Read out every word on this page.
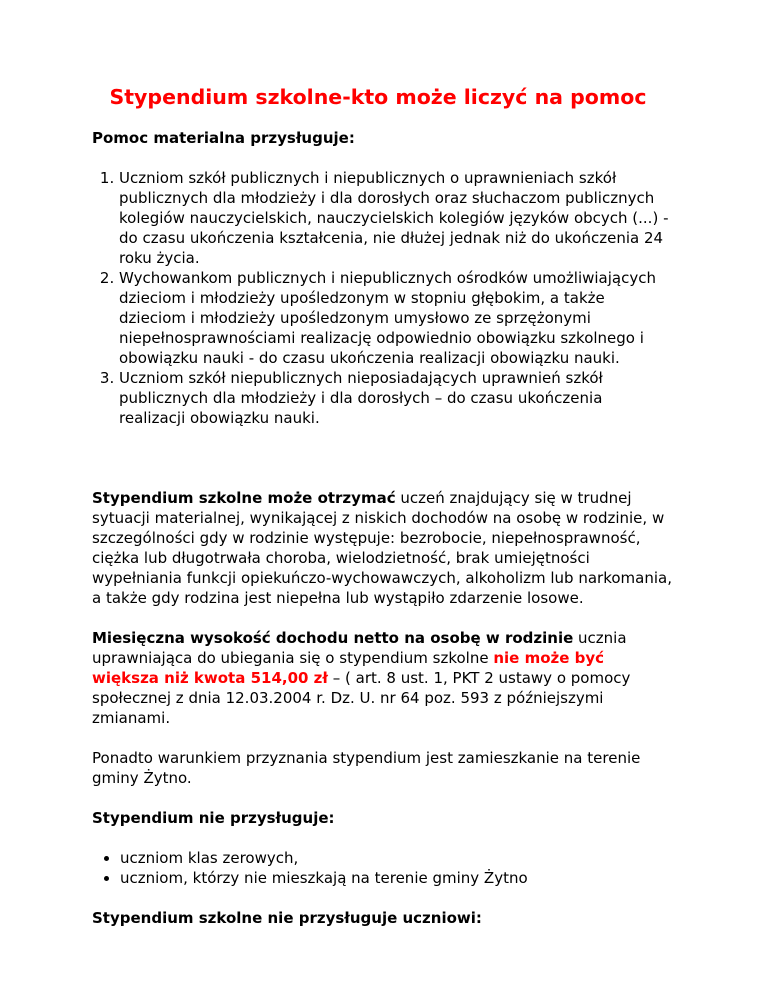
Stypendium szkolne-kto może liczyć na pomoc
Pomoc materialna przysługuje:
1. Uczniom szkół publicznych i niepublicznych o uprawnieniach szkół publicznych dla młodzieży i dla dorosłych oraz słuchaczom publicznych kolegiów nauczycielskich, nauczycielskich kolegiów języków obcych (...) - do czasu ukończenia kształcenia, nie dłużej jednak niż do ukończenia 24 roku życia.
2. Wychowankom publicznych i niepublicznych ośrodków umożliwiających dzieciom i młodzieży upośledzonym w stopniu głębokim, a także dzieciom i młodzieży upośledzonym umysłowo ze sprzężonymi niepełnosprawnościami realizację odpowiednio obowiązku szkolnego i obowiązku nauki - do czasu ukończenia realizacji obowiązku nauki.
3. Uczniom szkół niepublicznych nieposiadających uprawnień szkół publicznych dla młodzieży i dla dorosłych – do czasu ukończenia realizacji obowiązku nauki.

Stypendium szkolne może otrzymać uczeń znajdujący się w trudnej sytuacji materialnej, wynikającej z niskich dochodów na osobę w rodzinie, w szczególności gdy w rodzinie występuje: bezrobocie, niepełnosprawność, ciężka lub długotrwała choroba, wielodzietność, brak umiejętności wypełniania funkcji opiekuńczo-wychowawczych, alkoholizm lub narkomania, a także gdy rodzina jest niepełna lub wystąpiło zdarzenie losowe.

Miesięczna wysokość dochodu netto na osobę w rodzinie ucznia uprawniająca do ubiegania się o stypendium szkolne nie może być większa niż kwota 514,00 zł – ( art. 8 ust. 1, PKT 2 ustawy o pomocy społecznej z dnia 12.03.2004 r. Dz. U. nr 64 poz. 593 z późniejszymi zmianami.

Ponadto warunkiem przyznania stypendium jest zamieszkanie na terenie gminy Żytno.

Stypendium nie przysługuje:
• uczniom klas zerowych,
• uczniom, którzy nie mieszkają na terenie gminy Żytno
Stypendium szkolne nie przysługuje uczniowi:
